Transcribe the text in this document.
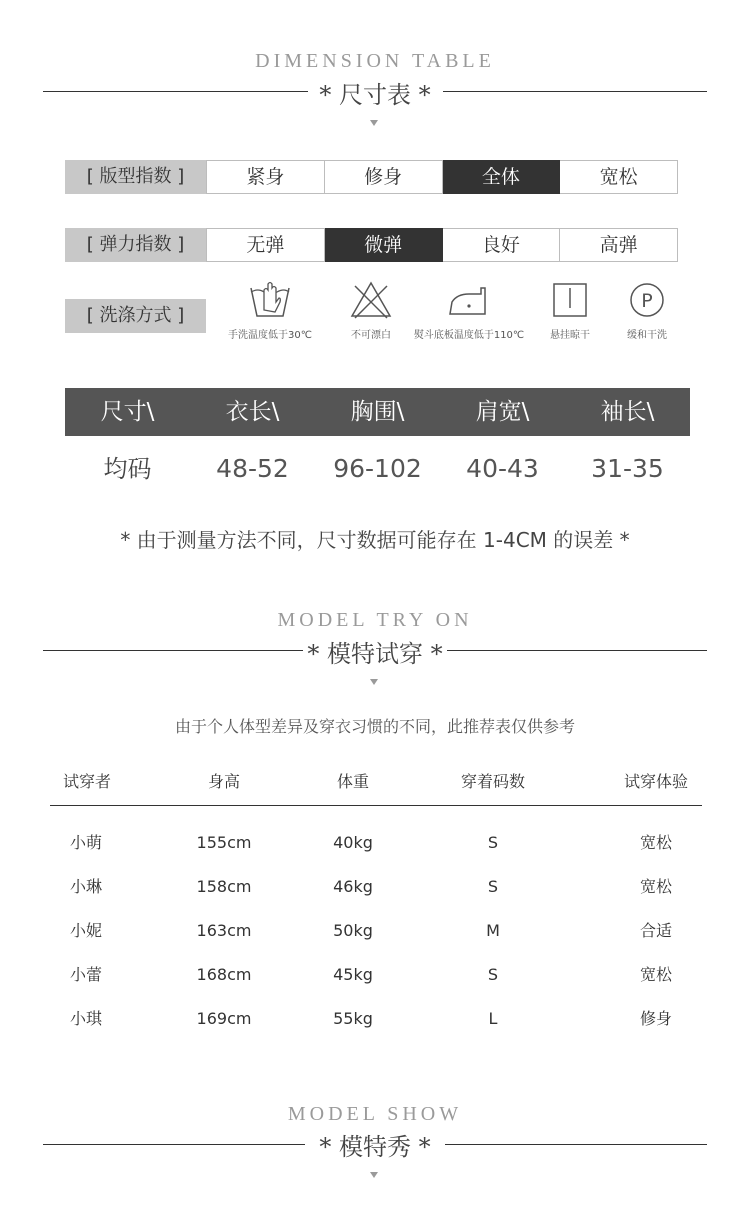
DIMENSION TABLE
* 尺寸表 *
[ 版型指数 ]	紧身	修身	全体	宽松
[ 弹力指数 ]	无弹	微弹	良好	高弹
[ 洗涤方式 ]
手洗温度低于30℃	不可漂白	熨斗底板温度低于110℃	悬挂晾干
P
缓和干洗
尺寸\	衣长\	胸围\	肩宽\	袖长\
均码	48-52	96-102	40-43	31-35
* 由于测量方法不同，尺寸数据可能存在 1-4CM 的误差 *
MODEL TRY ON
* 模特试穿 *
由于个人体型差异及穿衣习惯的不同，此推荐表仅供参考
试穿者	身高	体重	穿着码数	试穿体验
小萌	155cm	40kg	S	宽松
小琳	158cm	46kg	S	宽松
小妮	163cm	50kg	M	合适
小蕾	168cm	45kg	S	宽松
小琪	169cm	55kg	L	修身
MODEL SHOW
* 模特秀 *
